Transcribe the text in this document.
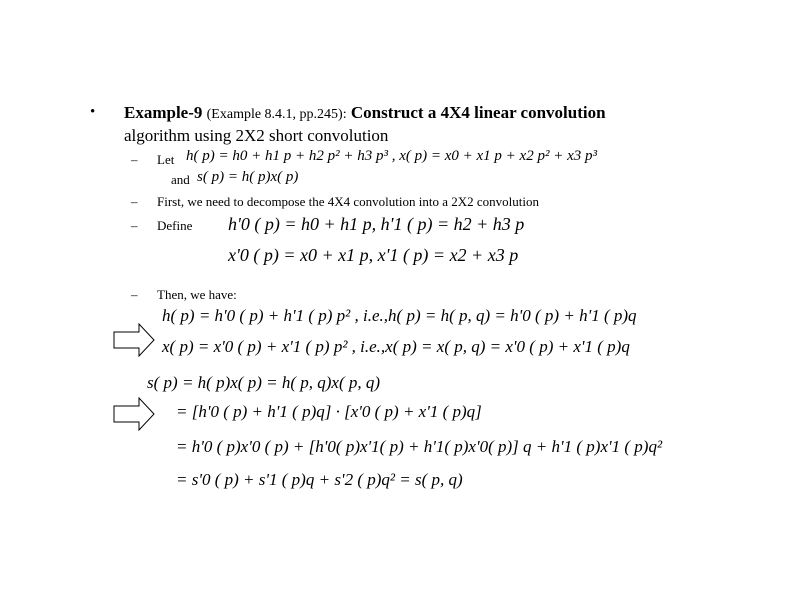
• Example-9 (Example 8.4.1, pp.245): Construct a 4X4 linear convolution
algorithm using 2X2 short convolution
– Let h( p) = h0 + h1 p + h2 p² + h3 p³ , x( p) = x0 + x1 p + x2 p² + x3 p³
and s( p) = h( p)x( p)
– First, we need to decompose the 4X4 convolution into a 2X2 convolution
– Define h'0 ( p) = h0 + h1 p, h'1 ( p) = h2 + h3 p
x'0 ( p) = x0 + x1 p, x'1 ( p) = x2 + x3 p
– Then, we have:
h( p) = h'0 ( p) + h'1 ( p) p² , i.e.,h( p) = h( p, q) = h'0 ( p) + h'1 ( p)q
x( p) = x'0 ( p) + x'1 ( p) p² , i.e.,x( p) = x( p, q) = x'0 ( p) + x'1 ( p)q
s( p) = h( p)x( p) = h( p, q)x( p, q)
= [h'0 ( p) + h'1 ( p)q] · [x'0 ( p) + x'1 ( p)q]
= h'0 ( p)x'0 ( p) + [h'0( p)x'1( p) + h'1( p)x'0( p)] q + h'1 ( p)x'1 ( p)q²
= s'0 ( p) + s'1 ( p)q + s'2 ( p)q² = s( p, q)
